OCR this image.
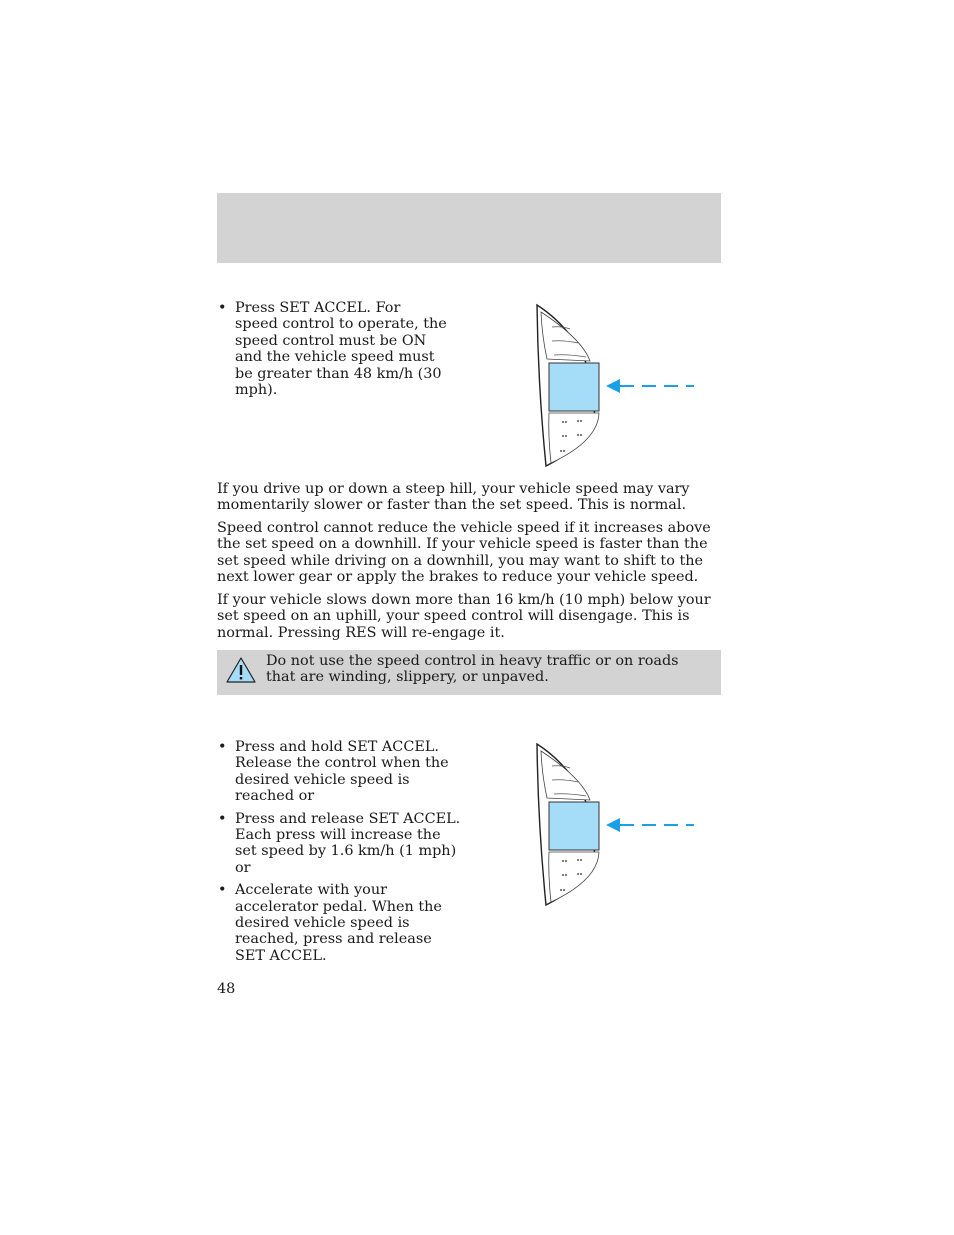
• Press SET ACCEL. For speed control to operate, the speed control must be ON and the vehicle speed must be greater than 48 km/h (30 mph).

If you drive up or down a steep hill, your vehicle speed may vary momentarily slower or faster than the set speed. This is normal.

Speed control cannot reduce the vehicle speed if it increases above the set speed on a downhill. If your vehicle speed is faster than the set speed while driving on a downhill, you may want to shift to the next lower gear or apply the brakes to reduce your vehicle speed.

If your vehicle slows down more than 16 km/h (10 mph) below your set speed on an uphill, your speed control will disengage. This is normal. Pressing RES will re-engage it.

Do not use the speed control in heavy traffic or on roads that are winding, slippery, or unpaved.

• Press and hold SET ACCEL. Release the control when the desired vehicle speed is reached or
• Press and release SET ACCEL. Each press will increase the set speed by 1.6 km/h (1 mph) or
• Accelerate with your accelerator pedal. When the desired vehicle speed is reached, press and release SET ACCEL.
48
